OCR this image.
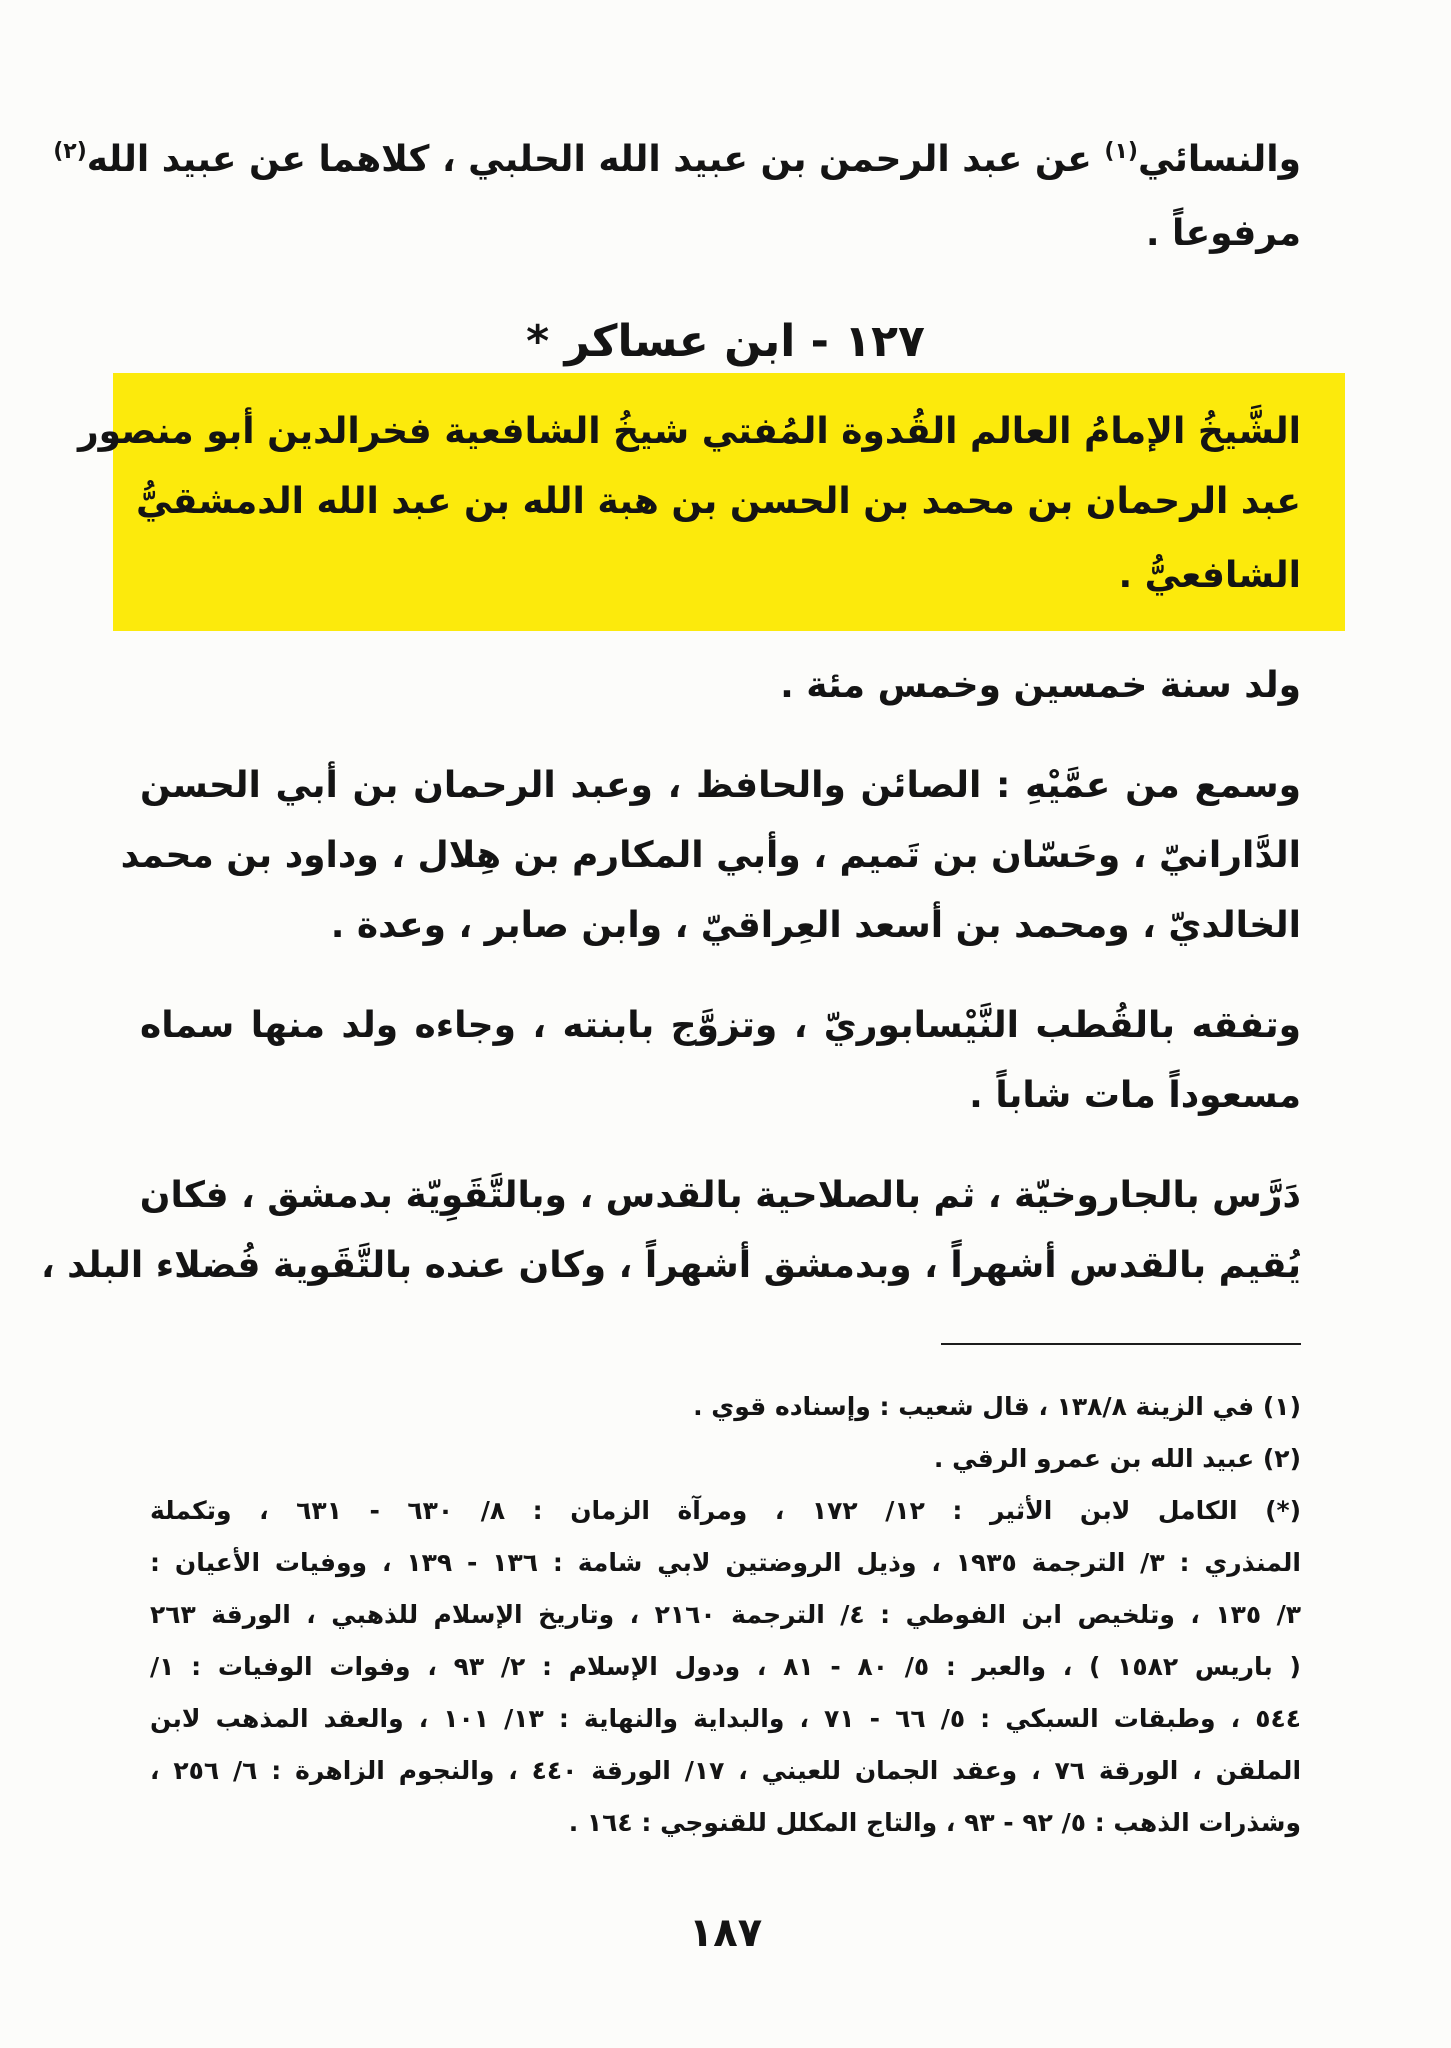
والنسائي$^{(١)}$ عن عبد الرحمن بن عبيد الله الحلبي ، كلاهما عن عبيد الله$^{(٢)}$
مرفوعاً .
١٢٧ - ابن عساكر *
الشَّيخُ الإمامُ العالم القُدوة المُفتي شيخُ الشافعية فخرالدين أبو منصور
عبد الرحمان بن محمد بن الحسن بن هبة الله بن عبد الله الدمشقيُّ
الشافعيُّ .
ولد سنة خمسين وخمس مئة .
وسمع من عمَّيْهِ : الصائن والحافظ ، وعبد الرحمان بن أبي الحسن
الدَّارانيّ ، وحَسّان بن تَميم ، وأبي المكارم بن هِلال ، وداود بن محمد
الخالديّ ، ومحمد بن أسعد العِراقيّ ، وابن صابر ، وعدة .
وتفقه بالقُطب النَّيْسابوريّ ، وتزوَّج بابنته ، وجاءه ولد منها سماه
مسعوداً مات شاباً .
دَرَّس بالجاروخيّة ، ثم بالصلاحية بالقدس ، وبالتَّقَوِيّة بدمشق ، فكان
يُقيم بالقدس أشهراً ، وبدمشق أشهراً ، وكان عنده بالتَّقَوية فُضلاء البلد ،
(١) في الزينة ١٣٨/٨ ، قال شعيب : وإسناده قوي .
(٢) عبيد الله بن عمرو الرقي .
(*) الكامل لابن الأثير : ١٢/ ١٧٢ ، ومرآة الزمان : ٨/ ٦٣٠ - ٦٣١ ، وتكملة
المنذري : ٣/ الترجمة ١٩٣٥ ، وذيل الروضتين لابي شامة : ١٣٦ - ١٣٩ ، ووفيات الأعيان :
٣/ ١٣٥ ، وتلخيص ابن الفوطي : ٤/ الترجمة ٢١٦٠ ، وتاريخ الإسلام للذهبي ، الورقة ٢٦٣
( باريس ١٥٨٢ ) ، والعبر : ٥/ ٨٠ - ٨١ ، ودول الإسلام : ٢/ ٩٣ ، وفوات الوفيات : ١/
٥٤٤ ، وطبقات السبكي : ٥/ ٦٦ - ٧١ ، والبداية والنهاية : ١٣/ ١٠١ ، والعقد المذهب لابن
الملقن ، الورقة ٧٦ ، وعقد الجمان للعيني ، ١٧/ الورقة ٤٤٠ ، والنجوم الزاهرة : ٦/ ٢٥٦ ،
وشذرات الذهب : ٥/ ٩٢ - ٩٣ ، والتاج المكلل للقنوجي : ١٦٤ .
١٨٧
